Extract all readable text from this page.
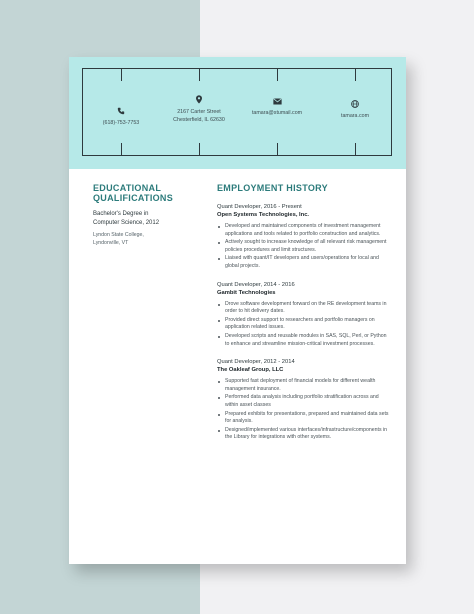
(618)-753-7753
2167 Carter Street
Chesterfield, IL 62630
tamara@stumail.com	tamara.com
EDUCATIONAL
QUALIFICATIONS
Bachelor's Degree in
Computer Science, 2012
Lyndon State College,
Lyndonville, VT
EMPLOYMENT HISTORY
Quant Developer, 2016 - Present
Open Systems Technologies, Inc.
Developed and maintained components of investment management applications and tools related to portfolio construction and analytics.
Actively sought to increase knowledge of all relevant risk management policies procedures and limit structures.
Liaised with quant/IT developers and users/operations for local and global projects.
Quant Developer, 2014 - 2016
Gambit Technologies
Drove software development forward on the RE development teams in order to hit delivery dates.
Provided direct support to researchers and portfolio managers on application related issues.
Developed scripts and reusable modules in SAS, SQL, Perl, or Python to enhance and streamline mission-critical investment processes.
Quant Developer, 2012 - 2014
The Oakleaf Group, LLC
Supported fast deployment of financial models for different wealth management insurance.
Performed data analysis including portfolio stratification across and within asset classes
Prepared exhibits for presentations, prepared and maintained data sets for analysis.
Designed/implemented various interfaces/infrastructure/components in the Library for integrations with other systems.
